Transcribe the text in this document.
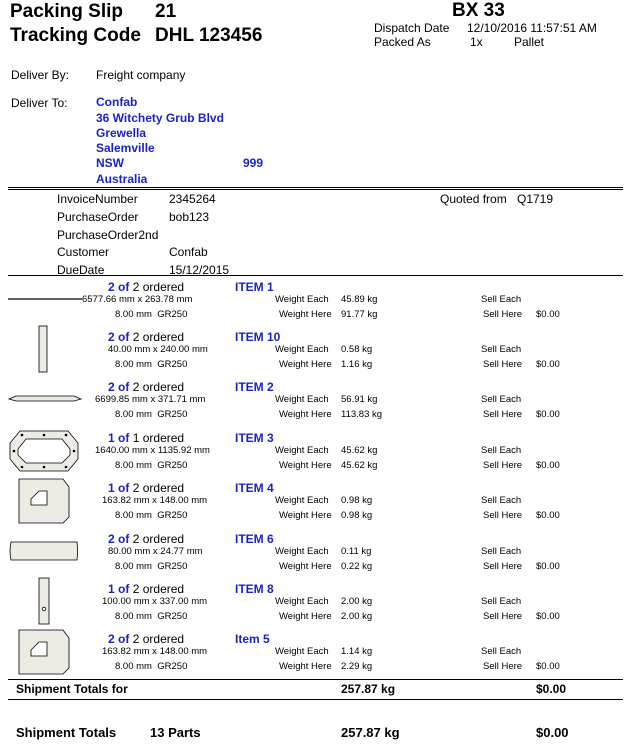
Packing Slip 21
Tracking Code DHL 123456
BX 33
Dispatch Date 12/10/2016 11:57:51 AM
Packed As	1x	Pallet
Deliver By: Freight company
Deliver To: Confab
36 Witchety Grub Blvd
Grewella
Salemville
NSW	999
Australia
InvoiceNumber	2345264	Quoted from Q1719
PurchaseOrder	bob123
PurchaseOrder2nd
Customer	Confab
DueDate	15/12/2015
2 of 2 ordered	ITEM 1
6577.66 mm x 263.78 mm
8.00 mm GR250
Weight Each 45.89 kg
Weight Here 91.77 kg
Sell Each
Sell Here $0.00
2 of 2 ordered	ITEM 10
40.00 mm x 240.00 mm
8.00 mm GR250
Weight Each 0.58 kg
Weight Here 1.16 kg
Sell Each
Sell Here $0.00
2 of 2 ordered	ITEM 2
6699.85 mm x 371.71 mm
8.00 mm GR250
Weight Each 56.91 kg
Weight Here 113.83 kg
Sell Each
Sell Here $0.00
1 of 1 ordered	ITEM 3
1640.00 mm x 1135.92 mm
8.00 mm GR250
Weight Each 45.62 kg
Weight Here 45.62 kg
Sell Each
Sell Here $0.00
1 of 2 ordered	ITEM 4
163.82 mm x 148.00 mm
8.00 mm GR250
Weight Each 0.98 kg
Weight Here 0.98 kg
Sell Each
Sell Here $0.00
2 of 2 ordered	ITEM 6
80.00 mm x 24.77 mm
8.00 mm GR250
Weight Each 0.11 kg
Weight Here 0.22 kg
Sell Each
Sell Here $0.00
1 of 2 ordered	ITEM 8
100.00 mm x 337.00 mm
8.00 mm GR250
Weight Each 2.00 kg
Weight Here 2.00 kg
Sell Each
Sell Here $0.00
2 of 2 ordered	Item 5
163.82 mm x 148.00 mm
8.00 mm GR250
Weight Each 1.14 kg
Weight Here 2.29 kg
Sell Each
Sell Here $0.00
Shipment Totals for	257.87 kg	$0.00
Shipment Totals	13 Parts	257.87 kg	$0.00
